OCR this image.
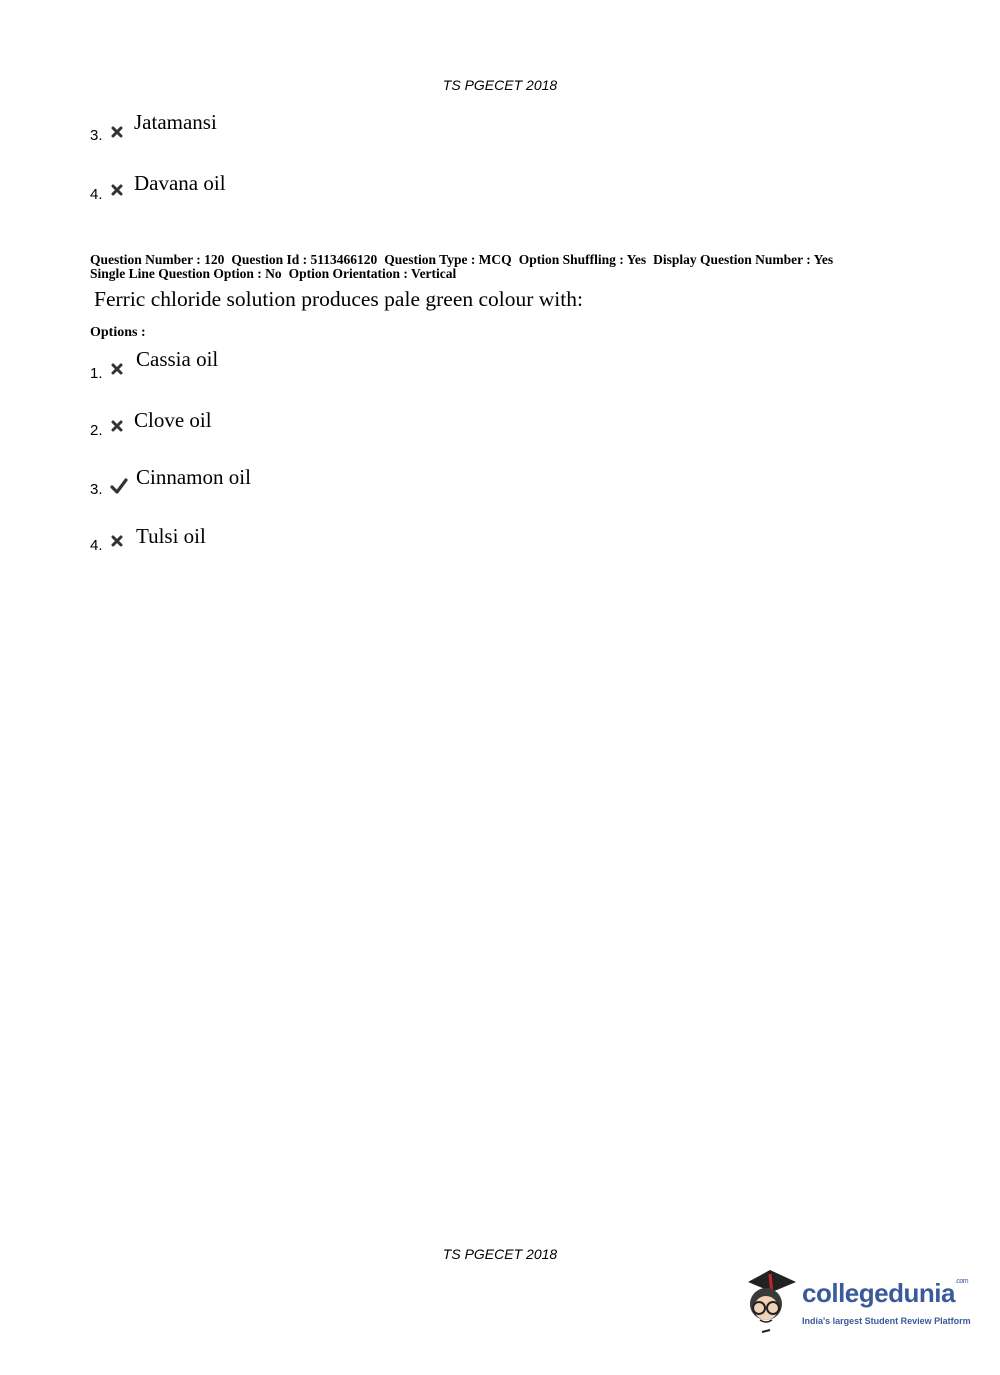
TS PGECET 2018
3.
Jatamansi
4. Davana oil
Question Number : 120 Question Id : 5113466120 Question Type : MCQ Option Shuffling : Yes Display Question Number : Yes
Single Line Question Option : No Option Orientation : Vertical
Ferric chloride solution produces pale green colour with:
Options :
1.
Cassia oil
2. Clove oil
3.
Cinnamon oil
4. Tulsi oil
TS PGECET 2018
collegedunia$^{.com}$
India's largest Student Review Platform
